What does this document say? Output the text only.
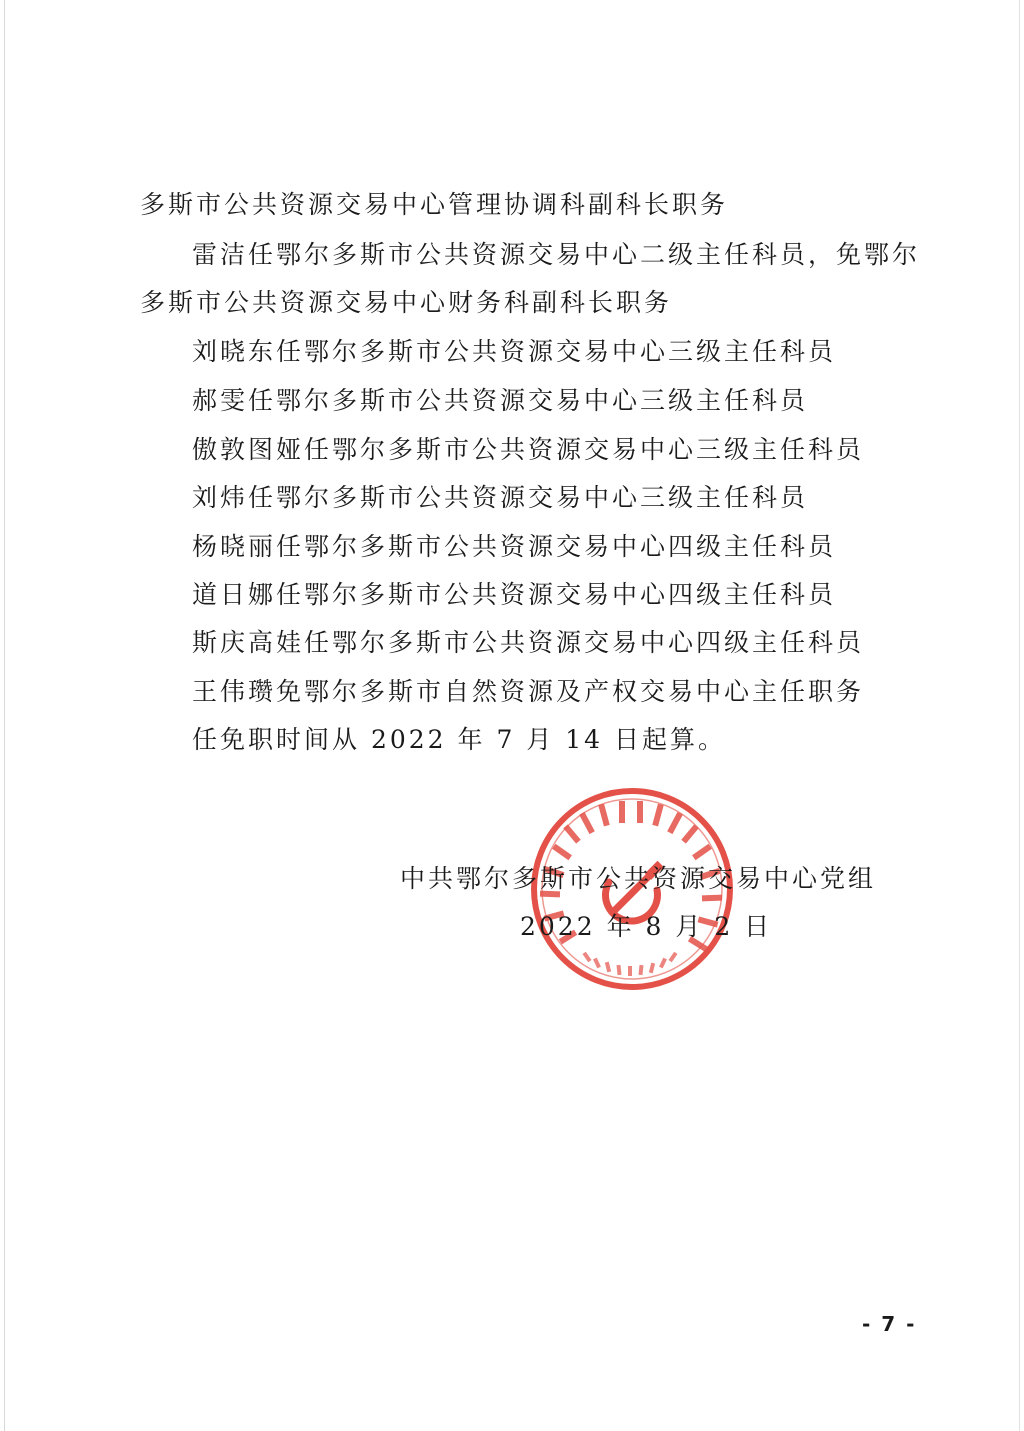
多斯市公共资源交易中心管理协调科副科长职务
雷洁任鄂尔多斯市公共资源交易中心二级主任科员，免鄂尔
多斯市公共资源交易中心财务科副科长职务
刘晓东任鄂尔多斯市公共资源交易中心三级主任科员
郝雯任鄂尔多斯市公共资源交易中心三级主任科员
傲敦图娅任鄂尔多斯市公共资源交易中心三级主任科员
刘炜任鄂尔多斯市公共资源交易中心三级主任科员
杨晓丽任鄂尔多斯市公共资源交易中心四级主任科员
道日娜任鄂尔多斯市公共资源交易中心四级主任科员
斯庆高娃任鄂尔多斯市公共资源交易中心四级主任科员
王伟瓒免鄂尔多斯市自然资源及产权交易中心主任职务
任免职时间从 2022 年 7 月 14 日起算。
中共鄂尔多斯市公共资源交易中心党组
2022 年 8 月 2 日
- 7 -
